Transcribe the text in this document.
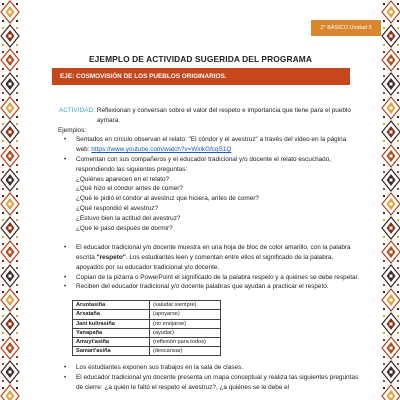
2° BÁSICO Unidad 3
EJEMPLO DE ACTIVIDAD SUGERIDA DEL PROGRAMA
EJE: COSMOVISIÓN DE LOS PUEBLOS ORIGINARIOS.
ACTIVIDAD: Reflexionan y conversan sobre el valor del respeto e importancia que tiene para el pueblo aymara.
Ejemplos:
• Sentados en círculo observan el relato: "El cóndor y el avestruz" a través del video en la página web: https://www.youtube.com/watch?v=WxlkGfcqS1Q
• Comentan con sus compañeros y el educador tradicional y/o docente el relato escuchado, respondiendo las siguientes preguntas:
¿Quiénes aparecen en el relato?
¿Qué hizo el cóndor antes de comer?
¿Qué le pidió el cóndor al avestruz que hiciera, antes de comer?
¿Qué respondió el avestruz?
¿Estuvo bien la actitud del avestruz?
¿Qué le pasó después de dormir?
• El educador tradicional y/o docente muestra en una hoja de bloc de color amarillo, con la palabra escrita "respeto". Los estudiantes leen y comentan entre ellos el significado de la palabra, apoyados por su educador tradicional y/o docente.
• Copian de la pizarra o PowerPoint el significado de la palabra respeto y a quiénes se debe respetar.
• Reciben del educador tradicional y/o docente palabras que ayudan a practicar el respeto.
Aruntasiña	(saludar siempre)
Arxataña	(apoyarse)
Jani kulirasiña	(no enojarse)
Yanapaña	(ayudar)
Amuyt'asiña	(reflexión para todos)
Samart'asiña	(descansar)
• Los estudiantes exponen sus trabajos en la sala de clases.
• El educador tradicional y/o docente presenta un mapa conceptual y realiza las siguientes preguntas de cierre: ¿a quién le faltó el respeto el avestruz?, ¿a quiénes se le debe el
